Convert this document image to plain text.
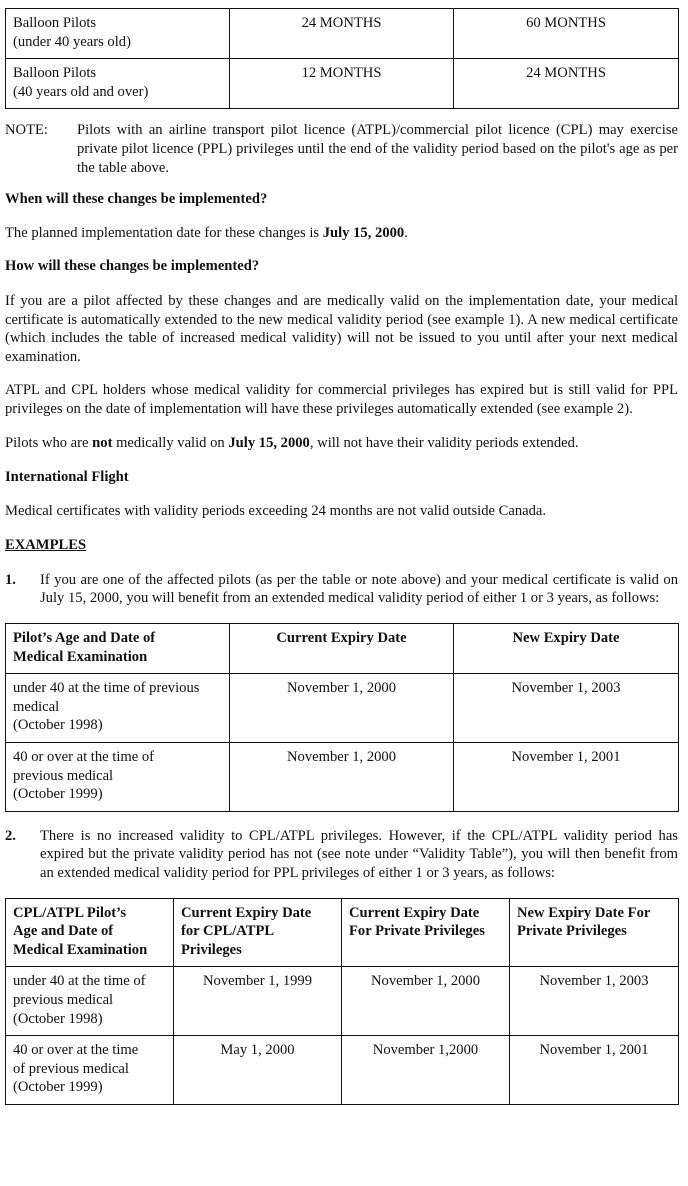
Balloon Pilots
(under 40 years old)	24 MONTHS	60 MONTHS
Balloon Pilots
(40 years old and over)	12 MONTHS	24 MONTHS
NOTE:	Pilots with an airline transport pilot licence (ATPL)/commercial pilot licence (CPL) may exercise private pilot licence (PPL) privileges until the end of the validity period based on the pilot's age as per the table above.

When will these changes be implemented?

The planned implementation date for these changes is July 15, 2000.

How will these changes be implemented?

If you are a pilot affected by these changes and are medically valid on the implementation date, your medical certificate is automatically extended to the new medical validity period (see example 1). A new medical certificate (which includes the table of increased medical validity) will not be issued to you until after your next medical examination.

ATPL and CPL holders whose medical validity for commercial privileges has expired but is still valid for PPL privileges on the date of implementation will have these privileges automatically extended (see example 2).

Pilots who are not medically valid on July 15, 2000, will not have their validity periods extended.

International Flight

Medical certificates with validity periods exceeding 24 months are not valid outside Canada.

EXAMPLES

1.	If you are one of the affected pilots (as per the table or note above) and your medical certificate is valid on July 15, 2000, you will benefit from an extended medical validity period of either 1 or 3 years, as follows:
Pilot’s Age and Date of
Medical Examination	Current Expiry Date	New Expiry Date
under 40 at the time of previous
medical
(October 1998)	November 1, 2000	November 1, 2003
40 or over at the time of
previous medical
(October 1999)	November 1, 2000	November 1, 2001
2.	There is no increased validity to CPL/ATPL privileges. However, if the CPL/ATPL validity period has expired but the private validity period has not (see note under “Validity Table”), you will then benefit from an extended medical validity period for PPL privileges of either 1 or 3 years, as follows:
CPL/ATPL Pilot’s
Age and Date of
Medical Examination	Current Expiry Date
for CPL/ATPL
Privileges	Current Expiry Date
For Private Privileges	New Expiry Date For
Private Privileges
under 40 at the time of
previous medical
(October 1998)	November 1, 1999	November 1, 2000	November 1, 2003
40 or over at the time
of previous medical
(October 1999)	May 1, 2000	November 1,2000	November 1, 2001
